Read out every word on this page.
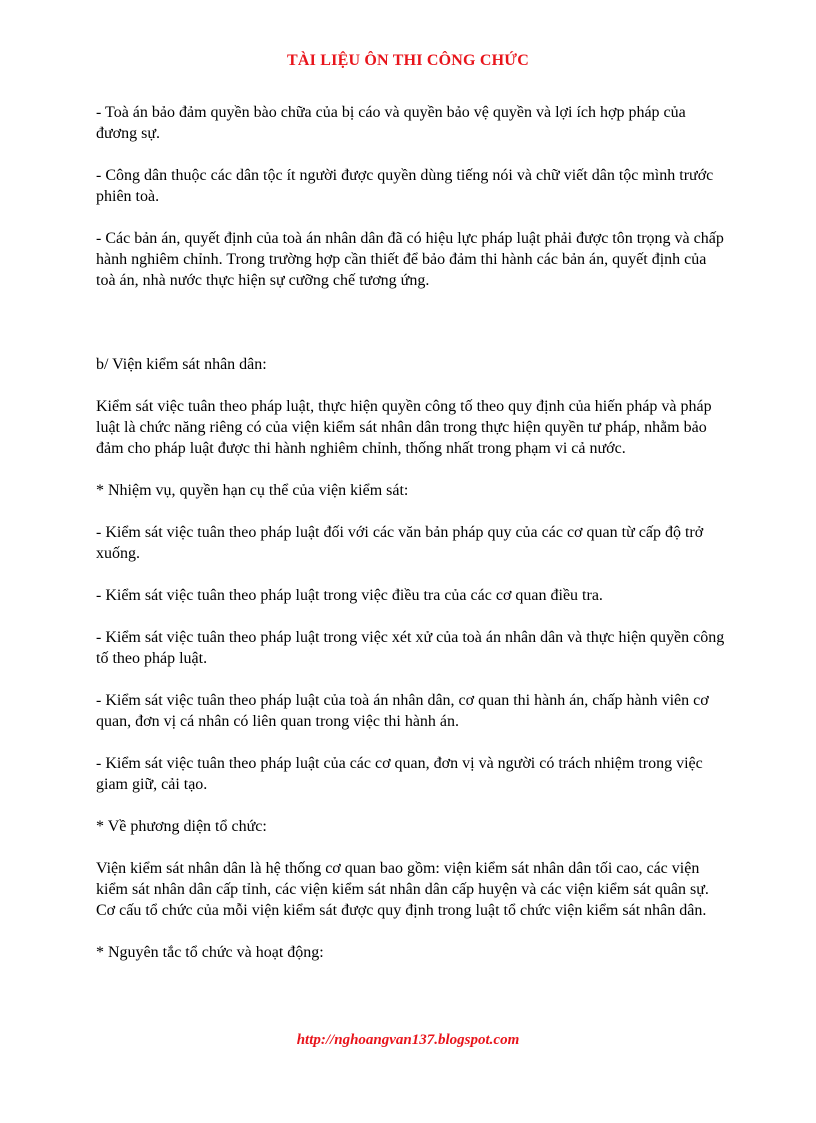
TÀI LIỆU ÔN THI CÔNG CHỨC

- Toà án bảo đảm quyền bào chữa của bị cáo và quyền bảo vệ quyền và lợi ích hợp pháp của đương sự.

- Công dân thuộc các dân tộc ít người được quyền dùng tiếng nói và chữ viết dân tộc mình trước phiên toà.

- Các bản án, quyết định của toà án nhân dân đã có hiệu lực pháp luật phải được tôn trọng và chấp hành nghiêm chỉnh. Trong trường hợp cần thiết để bảo đảm thi hành các bản án, quyết định của toà án, nhà nước thực hiện sự cưỡng chế tương ứng.

b/ Viện kiểm sát nhân dân:

Kiểm sát việc tuân theo pháp luật, thực hiện quyền công tố theo quy định của hiến pháp và pháp luật là chức năng riêng có của viện kiểm sát nhân dân trong thực hiện quyền tư pháp, nhằm bảo đảm cho pháp luật được thi hành nghiêm chỉnh, thống nhất trong phạm vi cả nước.

* Nhiệm vụ, quyền hạn cụ thể của viện kiểm sát:

- Kiểm sát việc tuân theo pháp luật đối với các văn bản pháp quy của các cơ quan từ cấp độ trở xuống.

- Kiểm sát việc tuân theo pháp luật trong việc điều tra của các cơ quan điều tra.

- Kiểm sát việc tuân theo pháp luật trong việc xét xử của toà án nhân dân và thực hiện quyền công tố theo pháp luật.

- Kiểm sát việc tuân theo pháp luật của toà án nhân dân, cơ quan thi hành án, chấp hành viên cơ quan, đơn vị cá nhân có liên quan trong việc thi hành án.

- Kiểm sát việc tuân theo pháp luật của các cơ quan, đơn vị và người có trách nhiệm trong việc giam giữ, cải tạo.

* Về phương diện tổ chức:

Viện kiểm sát nhân dân là hệ thống cơ quan bao gồm: viện kiểm sát nhân dân tối cao, các viện kiểm sát nhân dân cấp tỉnh, các viện kiểm sát nhân dân cấp huyện và các viện kiểm sát quân sự. Cơ cấu tổ chức của mỗi viện kiểm sát được quy định trong luật tổ chức viện kiểm sát nhân dân.

* Nguyên tắc tổ chức và hoạt động:

http://nghoangvan137.blogspot.com
